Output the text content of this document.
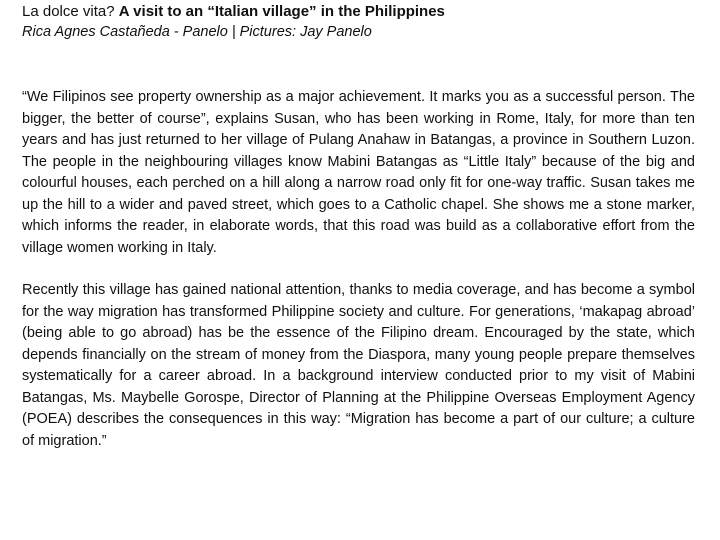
La dolce vita? A visit to an “Italian village” in the Philippines
Rica Agnes Castañeda - Panelo | Pictures: Jay Panelo

“We Filipinos see property ownership as a major achievement. It marks you as a successful person. The bigger, the better of course”, explains Susan, who has been working in Rome, Italy, for more than ten years and has just returned to her village of Pulang Anahaw in Batangas, a province in Southern Luzon. The people in the neighbouring villages know Mabini Batangas as “Little Italy” because of the big and colourful houses, each perched on a hill along a narrow road only fit for one-way traffic. Susan takes me up the hill to a wider and paved street, which goes to a Catholic chapel. She shows me a stone marker, which informs the reader, in elaborate words, that this road was build as a collaborative effort from the village women working in Italy.

Recently this village has gained national attention, thanks to media coverage, and has become a symbol for the way migration has transformed Philippine society and culture. For generations, ‘makapag abroad’ (being able to go abroad) has be the essence of the Filipino dream. Encouraged by the state, which depends financially on the stream of money from the Diaspora, many young people prepare themselves systematically for a career abroad. In a background interview conducted prior to my visit of Mabini Batangas, Ms. Maybelle Gorospe, Director of Planning at the Philippine Overseas Employment Agency (POEA) describes the consequences in this way: “Migration has become a part of our culture; a culture of migration.”
